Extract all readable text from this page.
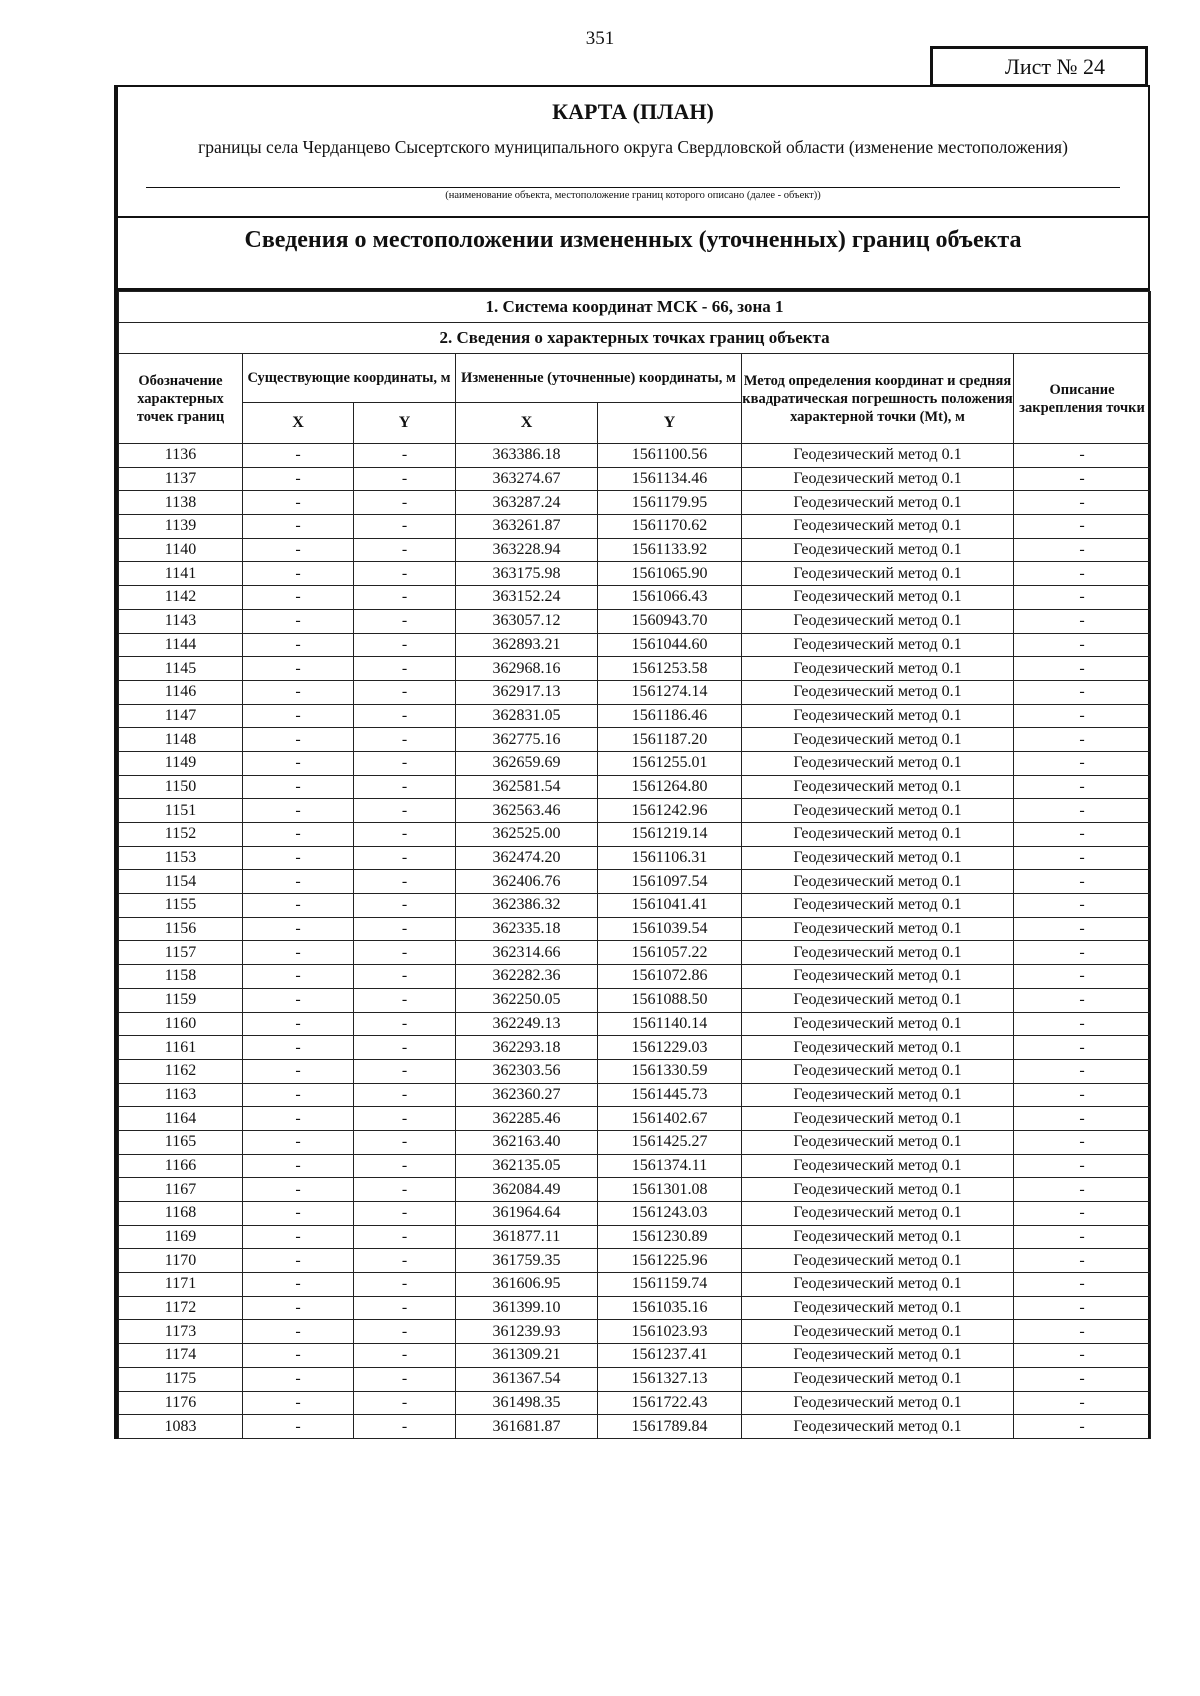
351
Лист № 24
КАРТА (ПЛАН)
границы села Черданцево Сысертского муниципального округа Свердловской области (изменение местоположения)
(наименование объекта, местоположение границ которого описано (далее - объект))
Сведения о местоположении измененных (уточненных) границ объекта
1. Система координат МСК - 66, зона 1						
2. Сведения о характерных точках границ объекта						
Обозначение характерных точек границ	Существующие координаты, м		Измененные (уточненные) координаты, м		Метод определения координат и средняя квадратическая погрешность положения характерной точки (Mt), м	Описание закрепления точки
	X	Y	X	Y		
1136	-	-	363386.18	1561100.56	Геодезический метод 0.1	-
1137	-	-	363274.67	1561134.46	Геодезический метод 0.1	-
1138	-	-	363287.24	1561179.95	Геодезический метод 0.1	-
1139	-	-	363261.87	1561170.62	Геодезический метод 0.1	-
1140	-	-	363228.94	1561133.92	Геодезический метод 0.1	-
1141	-	-	363175.98	1561065.90	Геодезический метод 0.1	-
1142	-	-	363152.24	1561066.43	Геодезический метод 0.1	-
1143	-	-	363057.12	1560943.70	Геодезический метод 0.1	-
1144	-	-	362893.21	1561044.60	Геодезический метод 0.1	-
1145	-	-	362968.16	1561253.58	Геодезический метод 0.1	-
1146	-	-	362917.13	1561274.14	Геодезический метод 0.1	-
1147	-	-	362831.05	1561186.46	Геодезический метод 0.1	-
1148	-	-	362775.16	1561187.20	Геодезический метод 0.1	-
1149	-	-	362659.69	1561255.01	Геодезический метод 0.1	-
1150	-	-	362581.54	1561264.80	Геодезический метод 0.1	-
1151	-	-	362563.46	1561242.96	Геодезический метод 0.1	-
1152	-	-	362525.00	1561219.14	Геодезический метод 0.1	-
1153	-	-	362474.20	1561106.31	Геодезический метод 0.1	-
1154	-	-	362406.76	1561097.54	Геодезический метод 0.1	-
1155	-	-	362386.32	1561041.41	Геодезический метод 0.1	-
1156	-	-	362335.18	1561039.54	Геодезический метод 0.1	-
1157	-	-	362314.66	1561057.22	Геодезический метод 0.1	-
1158	-	-	362282.36	1561072.86	Геодезический метод 0.1	-
1159	-	-	362250.05	1561088.50	Геодезический метод 0.1	-
1160	-	-	362249.13	1561140.14	Геодезический метод 0.1	-
1161	-	-	362293.18	1561229.03	Геодезический метод 0.1	-
1162	-	-	362303.56	1561330.59	Геодезический метод 0.1	-
1163	-	-	362360.27	1561445.73	Геодезический метод 0.1	-
1164	-	-	362285.46	1561402.67	Геодезический метод 0.1	-
1165	-	-	362163.40	1561425.27	Геодезический метод 0.1	-
1166	-	-	362135.05	1561374.11	Геодезический метод 0.1	-
1167	-	-	362084.49	1561301.08	Геодезический метод 0.1	-
1168	-	-	361964.64	1561243.03	Геодезический метод 0.1	-
1169	-	-	361877.11	1561230.89	Геодезический метод 0.1	-
1170	-	-	361759.35	1561225.96	Геодезический метод 0.1	-
1171	-	-	361606.95	1561159.74	Геодезический метод 0.1	-
1172	-	-	361399.10	1561035.16	Геодезический метод 0.1	-
1173	-	-	361239.93	1561023.93	Геодезический метод 0.1	-
1174	-	-	361309.21	1561237.41	Геодезический метод 0.1	-
1175	-	-	361367.54	1561327.13	Геодезический метод 0.1	-
1176	-	-	361498.35	1561722.43	Геодезический метод 0.1	-
1083	-	-	361681.87	1561789.84	Геодезический метод 0.1	-
